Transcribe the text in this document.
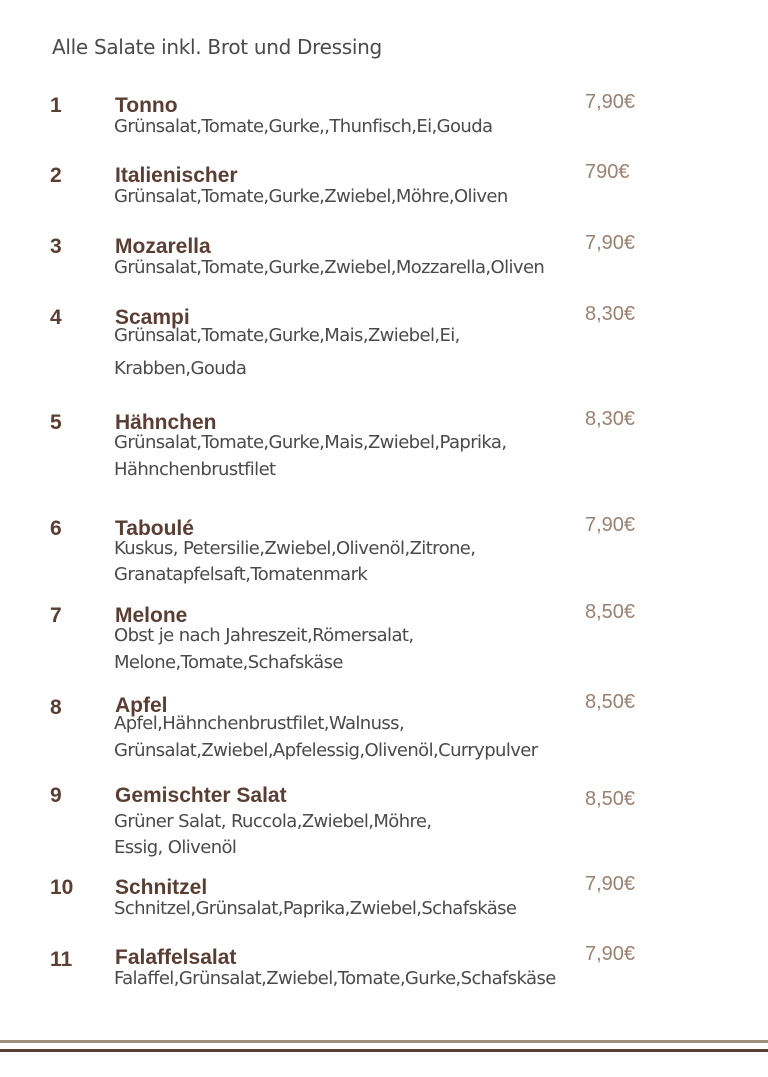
Alle Salate inkl. Brot und Dressing
1	Tonno	7,90€
Grünsalat,Tomate,Gurke,,Thunfisch,Ei,Gouda
2	Italienischer	790€
Grünsalat,Tomate,Gurke,Zwiebel,Möhre,Oliven
3	Mozarella	7,90€
Grünsalat,Tomate,Gurke,Zwiebel,Mozzarella,Oliven
4	Scampi	8,30€
Grünsalat,Tomate,Gurke,Mais,Zwiebel,Ei,
Krabben,Gouda
5	Hähnchen	8,30€
Grünsalat,Tomate,Gurke,Mais,Zwiebel,Paprika,
Hähnchenbrustfilet
6	Taboulé	7,90€
Kuskus, Petersilie,Zwiebel,Olivenöl,Zitrone,
Granatapfelsaft,Tomatenmark
7	Melone	8,50€
Obst je nach Jahreszeit,Römersalat,
Melone,Tomate,Schafskäse
8	Apfel	8,50€
Apfel,Hähnchenbrustfilet,Walnuss,
Grünsalat,Zwiebel,Apfelessig,Olivenöl,Currypulver
9	Gemischter Salat	8,50€
Grüner Salat, Ruccola,Zwiebel,Möhre,
Essig, Olivenöl
10 Schnitzel	7,90€
Schnitzel,Grünsalat,Paprika,Zwiebel,Schafskäse
11 Falaffelsalat	7,90€
Falaffel,Grünsalat,Zwiebel,Tomate,Gurke,Schafskäse
